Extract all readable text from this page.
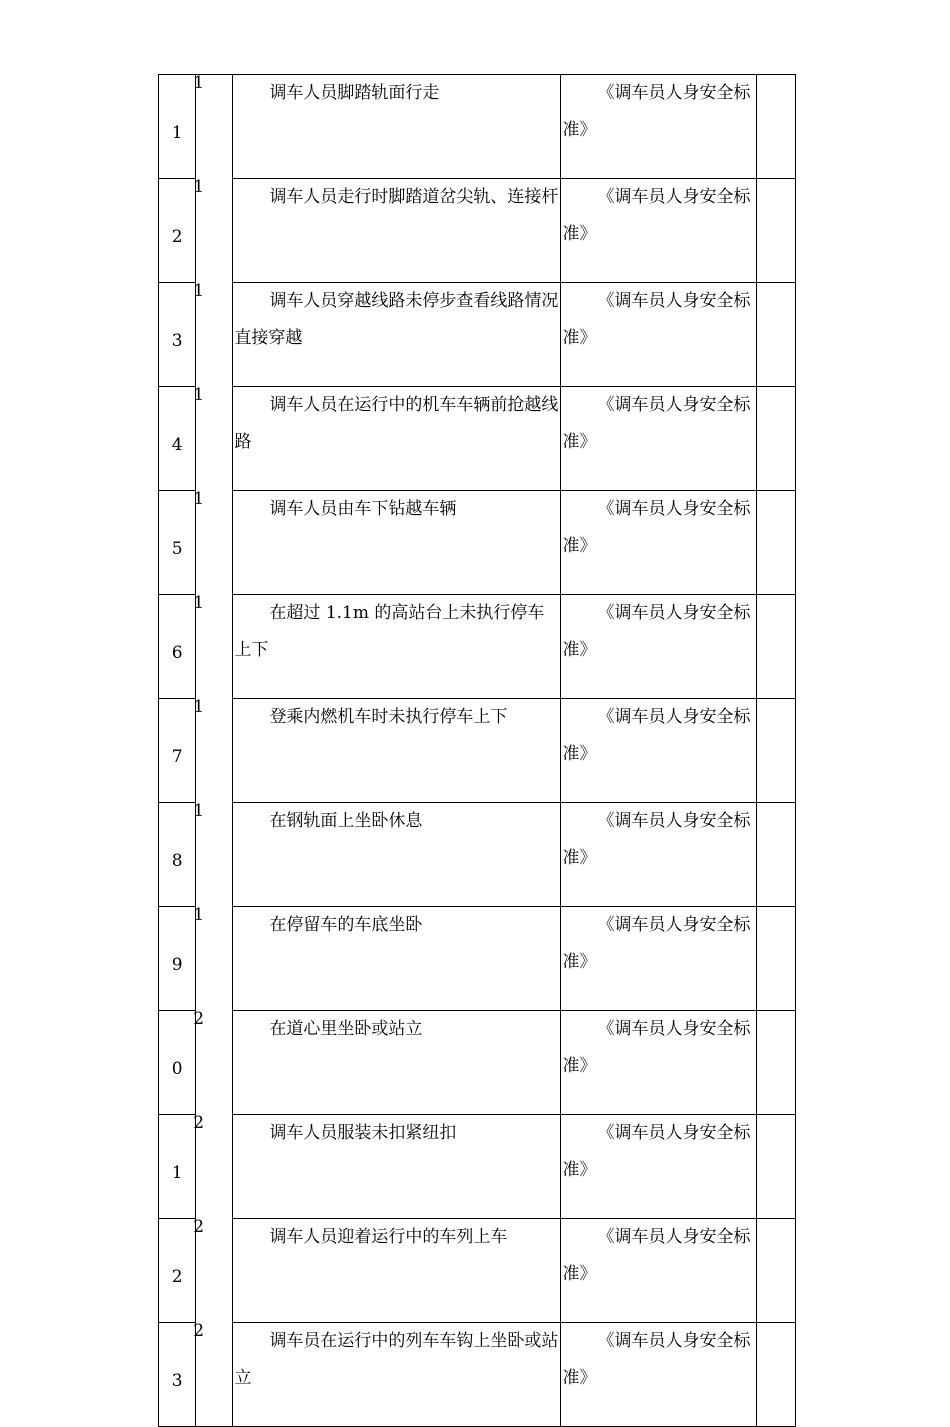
1	1	调车人员脚踏轨面行走	《调车员人身安全标准》	

2	1	调车人员走行时脚踏道岔尖轨、连接杆	《调车员人身安全标准》	

3	1	调车人员穿越线路未停步查看线路情况直接穿越	《调车员人身安全标准》	

4	1	调车人员在运行中的机车车辆前抢越线路	《调车员人身安全标准》	

5	1	调车人员由车下钻越车辆	《调车员人身安全标准》	

6	1	在超过 1.1m 的高站台上未执行停车上下	《调车员人身安全标准》	

7	1	登乘内燃机车时未执行停车上下	《调车员人身安全标准》	

8	1	在钢轨面上坐卧休息	《调车员人身安全标准》	

9	1	在停留车的车底坐卧	《调车员人身安全标准》	

0	2	在道心里坐卧或站立	《调车员人身安全标准》	

1	2	调车人员服装未扣紧纽扣	《调车员人身安全标准》	

2	2	调车人员迎着运行中的车列上车	《调车员人身安全标准》	

3	2	调车员在运行中的列车车钩上坐卧或站立	《调车员人身安全标准》	
